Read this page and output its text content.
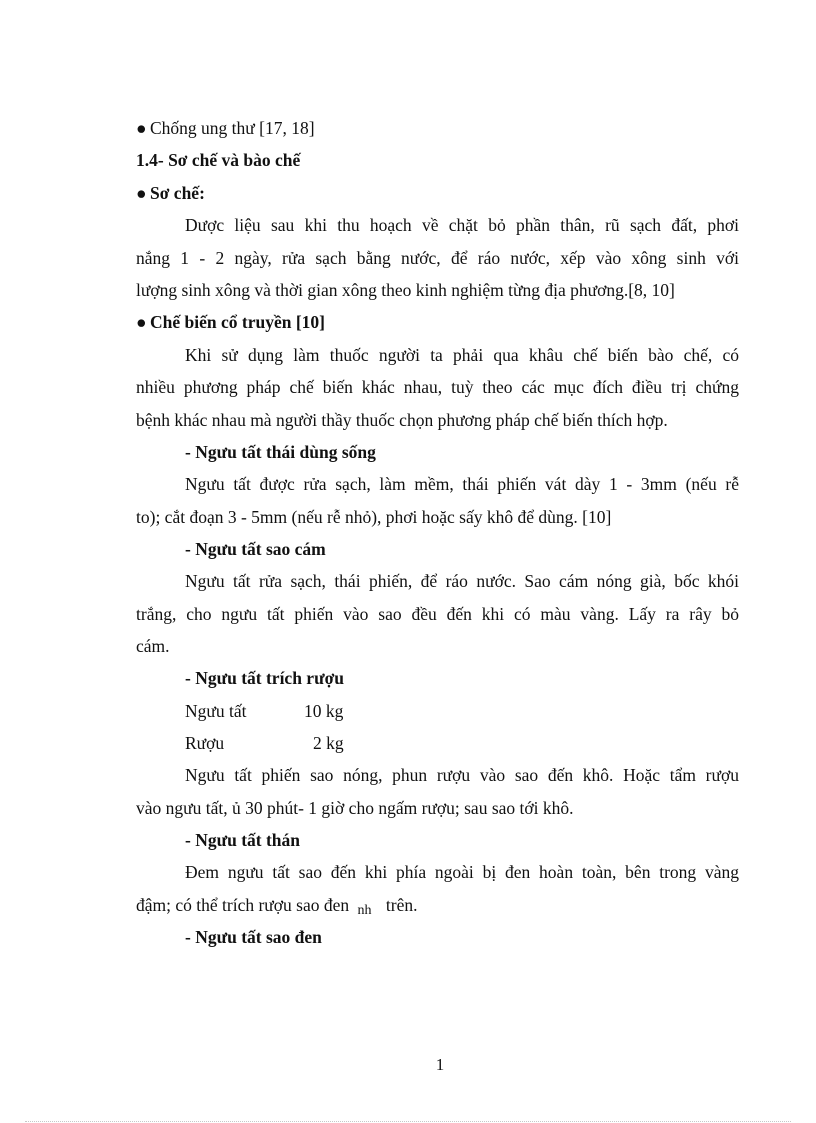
● Chống ung thư [17, 18]
1.4- Sơ chế và bào chế
● Sơ chế:
Dược liệu sau khi thu hoạch về chặt bỏ phần thân, rũ sạch đất, phơi
nắng 1 - 2 ngày, rửa sạch bằng nước, để ráo nước, xếp vào xông sinh với
lượng sinh xông và thời gian xông theo kinh nghiệm từng địa phương.[8, 10]
● Chế biến cổ truyền [10]
Khi sử dụng làm thuốc người ta phải qua khâu chế biến bào chế, có
nhiều phương pháp chế biến khác nhau, tuỳ theo các mục đích điều trị chứng
bệnh khác nhau mà người thầy thuốc chọn phương pháp chế biến thích hợp.
- Ngưu tất thái dùng sống
Ngưu tất được rửa sạch, làm mềm, thái phiến vát dày 1 - 3mm (nếu rễ
to); cắt đoạn 3 - 5mm (nếu rễ nhỏ), phơi hoặc sấy khô để dùng. [10]
- Ngưu tất sao cám
Ngưu tất rửa sạch, thái phiến, để ráo nước. Sao cám nóng già, bốc khói
trắng, cho ngưu tất phiến vào sao đều đến khi có màu vàng. Lấy ra rây bỏ
cám.
- Ngưu tất trích rượu
Ngưu tất	10 kg
Rượu	2 kg
Ngưu tất phiến sao nóng, phun rượu vào sao đến khô. Hoặc tẩm rượu
vào ngưu tất, ủ 30 phút- 1 giờ cho ngấm rượu; sau sao tới khô.
- Ngưu tất thán
Đem ngưu tất sao đến khi phía ngoài bị đen hoàn toàn, bên trong vàng
đậm; có thể trích rượu sao đen nh trên.
- Ngưu tất sao đen
1
